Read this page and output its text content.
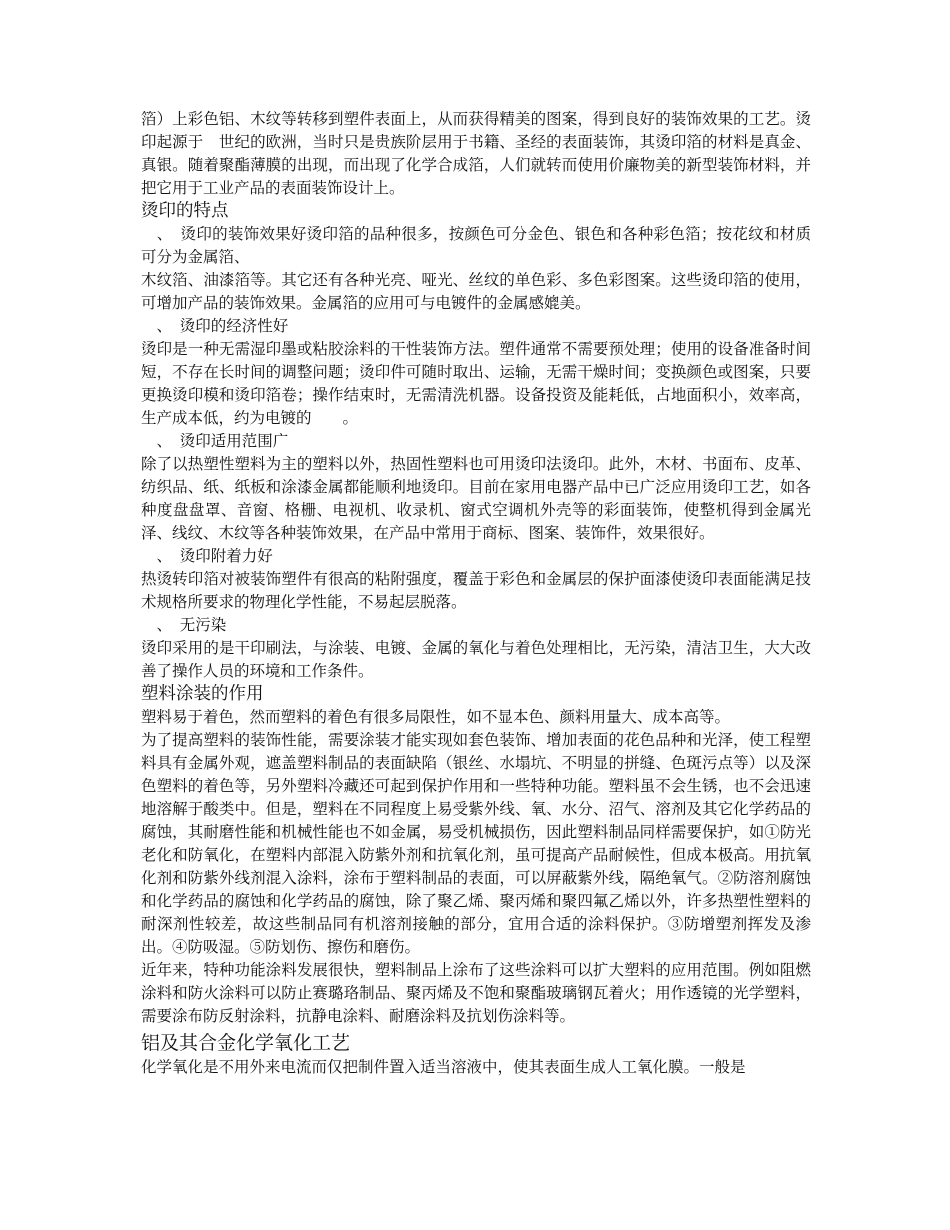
箔）上彩色铝、木纹等转移到塑件表面上，从而获得精美的图案，得到良好的装饰效果的工艺。烫印起源于　世纪的欧洲，当时只是贵族阶层用于书籍、圣经的表面装饰，其烫印箔的材料是真金、真银。随着聚酯薄膜的出现，而出现了化学合成箔，人们就转而使用价廉物美的新型装饰材料，并把它用于工业产品的表面装饰设计上。

烫印的特点

　、　烫印的装饰效果好烫印箔的品种很多，按颜色可分金色、银色和各种彩色箔；按花纹和材质可分为金属箔、

木纹箔、油漆箔等。其它还有各种光亮、哑光、丝纹的单色彩、多色彩图案。这些烫印箔的使用，可增加产品的装饰效果。金属箔的应用可与电镀件的金属感媲美。

　、　烫印的经济性好

烫印是一种无需湿印墨或粘胶涂料的干性装饰方法。塑件通常不需要预处理；使用的设备准备时间短，不存在长时间的调整问题；烫印件可随时取出、运输，无需干燥时间；变换颜色或图案，只要更换烫印模和烫印箔卷；操作结束时，无需清洗机器。设备投资及能耗低，占地面积小，效率高，生产成本低，约为电镀的　　。

　、　烫印适用范围广

除了以热塑性塑料为主的塑料以外，热固性塑料也可用烫印法烫印。此外，木材、书面布、皮革、纺织品、纸、纸板和涂漆金属都能顺利地烫印。目前在家用电器产品中已广泛应用烫印工艺，如各种度盘盘罩、音窗、格栅、电视机、收录机、窗式空调机外壳等的彩面装饰，使整机得到金属光泽、线纹、木纹等各种装饰效果，在产品中常用于商标、图案、装饰件，效果很好。

　、　烫印附着力好

热烫转印箔对被装饰塑件有很高的粘附强度，覆盖于彩色和金属层的保护面漆使烫印表面能满足技术规格所要求的物理化学性能，不易起层脱落。

　、　无污染

烫印采用的是干印刷法，与涂装、电镀、金属的氧化与着色处理相比，无污染，清洁卫生，大大改善了操作人员的环境和工作条件。

塑料涂装的作用

塑料易于着色，然而塑料的着色有很多局限性，如不显本色、颜料用量大、成本高等。

为了提高塑料的装饰性能，需要涂装才能实现如套色装饰、增加表面的花色品种和光泽，使工程塑料具有金属外观，遮盖塑料制品的表面缺陷（银丝、水塌坑、不明显的拼缝、色斑污点等）以及深色塑料的着色等，另外塑料冷藏还可起到保护作用和一些特种功能。塑料虽不会生锈，也不会迅速地溶解于酸类中。但是，塑料在不同程度上易受紫外线、氧、水分、沼气、溶剂及其它化学药品的腐蚀，其耐磨性能和机械性能也不如金属，易受机械损伤，因此塑料制品同样需要保护，如①防光老化和防氧化，在塑料内部混入防紫外剂和抗氧化剂，虽可提高产品耐候性，但成本极高。用抗氧化剂和防紫外线剂混入涂料，涂布于塑料制品的表面，可以屏蔽紫外线，隔绝氧气。②防溶剂腐蚀和化学药品的腐蚀和化学药品的腐蚀，除了聚乙烯、聚丙烯和聚四氟乙烯以外，许多热塑性塑料的耐深剂性较差，故这些制品同有机溶剂接触的部分，宜用合适的涂料保护。③防增塑剂挥发及渗出。④防吸湿。⑤防划伤、擦伤和磨伤。

近年来，特种功能涂料发展很快，塑料制品上涂布了这些涂料可以扩大塑料的应用范围。例如阻燃涂料和防火涂料可以防止赛璐珞制品、聚丙烯及不饱和聚酯玻璃钢瓦着火；用作透镜的光学塑料，需要涂布防反射涂料，抗静电涂料、耐磨涂料及抗划伤涂料等。

铝及其合金化学氧化工艺

化学氧化是不用外来电流而仅把制件置入适当溶液中，使其表面生成人工氧化膜。一般是
